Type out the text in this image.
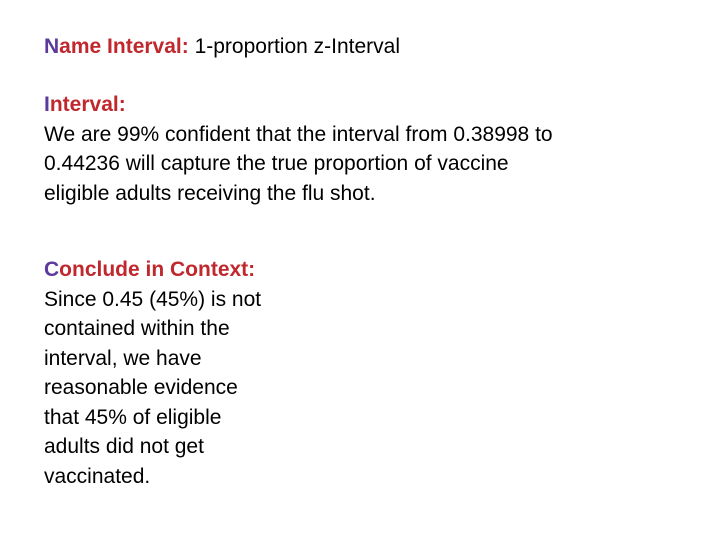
Name Interval: 1-proportion z-Interval

Interval:

We are 99% confident that the interval from 0.38998 to

0.44236 will capture the true proportion of vaccine

eligible adults receiving the flu shot.

Conclude in Context:

Since 0.45 (45%) is not

contained within the

interval, we have

reasonable evidence

that 45% of eligible

adults did not get

vaccinated.
